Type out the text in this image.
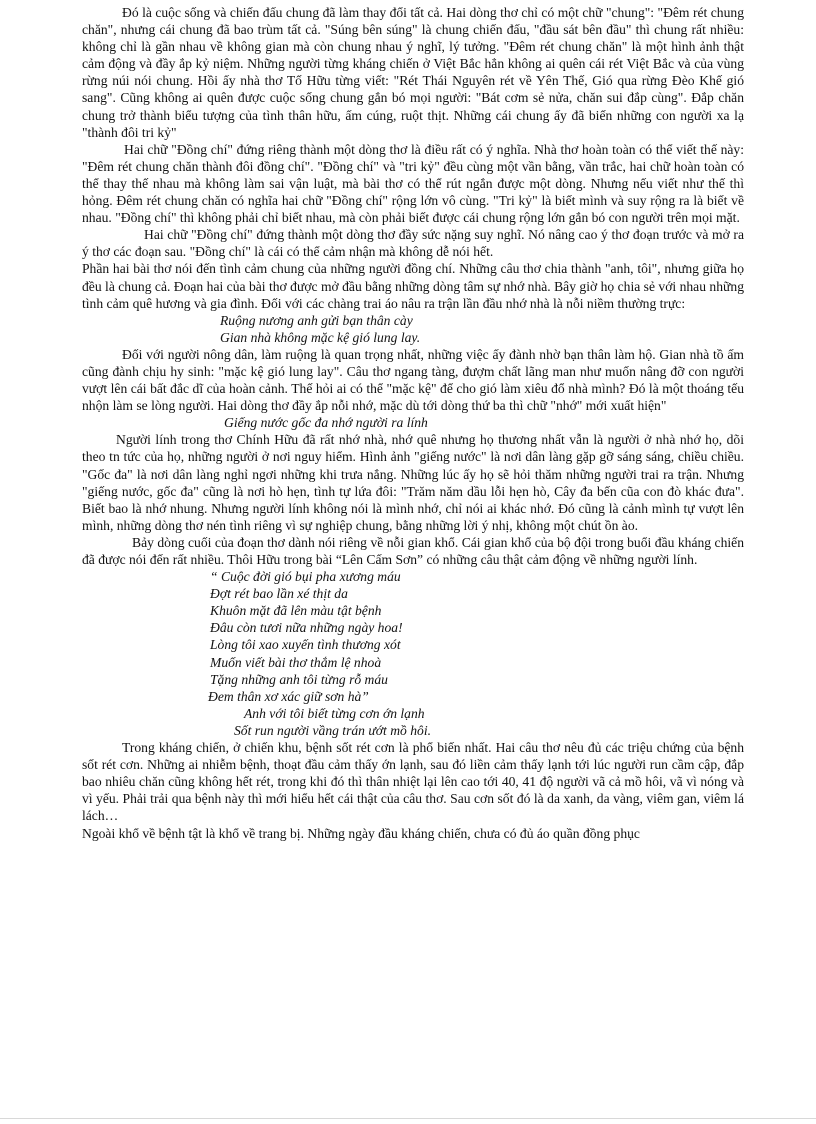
Đó là cuộc sống và chiến đấu chung đã làm thay đổi tất cả. Hai dòng thơ chỉ có một chữ "chung": "Đêm rét chung chăn", nhưng cái chung đã bao trùm tất cả. "Súng bên súng" là chung chiến đấu, "đầu sát bên đầu" thì chung rất nhiều: không chỉ là gần nhau về không gian mà còn chung nhau ý nghĩ, lý tưởng. "Đêm rét chung chăn" là một hình ảnh thật cảm động và đầy ắp kỷ niệm. Những người từng kháng chiến ở Việt Bắc hẳn không ai quên cái rét Việt Bắc và của vùng rừng núi nói chung. Hồi ấy nhà thơ Tố Hữu từng viết: "Rét Thái Nguyên rét về Yên Thế, Gió qua rừng Đèo Khế gió sang". Cũng không ai quên được cuộc sống chung gắn bó mọi người: "Bát cơm sẻ nửa, chăn sui đắp cùng". Đắp chăn chung trở thành biểu tượng của tình thân hữu, ấm cúng, ruột thịt. Những cái chung ấy đã biến những con người xa lạ "thành đôi tri kỷ"

Hai chữ "Đồng chí" đứng riêng thành một dòng thơ là điều rất có ý nghĩa. Nhà thơ hoàn toàn có thể viết thế này: "Đêm rét chung chăn thành đôi đồng chí". "Đồng chí" và "tri kỷ" đều cùng một vần bằng, vần trắc, hai chữ hoàn toàn có thể thay thế nhau mà không làm sai vận luật, mà bài thơ có thể rút ngắn được một dòng. Nhưng nếu viết như thế thì hỏng. Đêm rét chung chăn có nghĩa hai chữ "Đồng chí" rộng lớn vô cùng. "Tri kỷ" là biết mình và suy rộng ra là biết về nhau. "Đồng chí" thì không phải chỉ biết nhau, mà còn phải biết được cái chung rộng lớn gắn bó con người trên mọi mặt.

Hai chữ "Đồng chí" đứng thành một dòng thơ đầy sức nặng suy nghĩ. Nó nâng cao ý thơ đoạn trước và mở ra ý thơ các đoạn sau. "Đồng chí" là cái có thể cảm nhận mà không dễ nói hết.

Phần hai bài thơ nói đến tình cảm chung của những người đồng chí. Những câu thơ chia thành "anh, tôi", nhưng giữa họ đều là chung cả. Đoạn hai của bài thơ được mở đầu bằng những dòng tâm sự nhớ nhà. Bây giờ họ chia sẻ với nhau những tình cảm quê hương và gia đình. Đối với các chàng trai áo nâu ra trận lần đầu nhớ nhà là nỗi niềm thường trực:

Ruộng nương anh gửi bạn thân cày

Gian nhà không mặc kệ gió lung lay.

Đối với người nông dân, làm ruộng là quan trọng nhất, những việc ấy đành nhờ bạn thân làm hộ. Gian nhà tồ ấm cũng đành chịu hy sinh: "mặc kệ gió lung lay". Câu thơ ngang tàng, đượm chất lãng man như muốn nâng đỡ con người vượt lên cái bất đắc dĩ của hoàn cảnh. Thế hỏi ai có thể "mặc kệ" để cho gió làm xiêu đổ nhà mình? Đó là một thoáng tếu nhộn làm se lòng người. Hai dòng thơ đầy ắp nỗi nhớ, mặc dù tới dòng thứ ba thì chữ "nhớ" mới xuất hiện"

Giếng nước gốc đa nhớ người ra lính

Người lính trong thơ Chính Hữu đã rất nhớ nhà, nhớ quê nhưng họ thương nhất vẫn là người ở nhà nhớ họ, dõi theo tn tức của họ, những người ở nơi nguy hiểm. Hình ảnh "giếng nước" là nơi dân làng gặp gỡ sáng sáng, chiều chiều. "Gốc đa" là nơi dân làng nghỉ ngơi những khi trưa nắng. Những lúc ấy họ sẽ hỏi thăm những người trai ra trận. Nhưng "giếng nước, gốc đa" cũng là nơi hò hẹn, tình tự lứa đôi: "Trăm năm dầu lỗi hẹn hò, Cây đa bến cũa con đò khác đưa". Biết bao là nhớ nhung. Nhưng người lính không nói là mình nhớ, chỉ nói ai khác nhớ. Đó cũng là cảnh mình tự vượt lên mình, những dòng thơ nén tình riêng vì sự nghiệp chung, bằng những lời ý nhị, không một chút ồn ào.

Bảy dòng cuối của đoạn thơ dành nói riêng về nỗi gian khổ. Cái gian khổ của bộ đội trong buổi đầu kháng chiến đã được nói đến rất nhiều. Thôi Hữu trong bài “Lên Cấm Sơn” có những câu thật cảm động về những người lính.

“ Cuộc đời gió bụi pha xương máu

Đợt rét bao lần xé thịt da

Khuôn mặt đã lên màu tật bệnh

Đâu còn tươi nữa những ngày hoa!

Lòng tôi xao xuyến tình thương xót

Muốn viết bài thơ thắm lệ nhoà

Tặng những anh tôi từng rỗ máu

Đem thân xơ xác giữ sơn hà”

Anh với tôi biết từng cơn ớn lạnh

Sốt run người vầng trán ướt mồ hôi.

Trong kháng chiến, ở chiến khu, bệnh sốt rét cơn là phổ biến nhất. Hai câu thơ nêu đủ các triệu chứng của bệnh sốt rét cơn. Những ai nhiễm bệnh, thoạt đầu cảm thấy ớn lạnh, sau đó liền cảm thấy lạnh tới lúc người run cầm cập, đắp bao nhiêu chăn cũng không hết rét, trong khi đó thì thân nhiệt lại lên cao tới 40, 41 độ người vã cả mồ hôi, vã vì nóng và vì yếu. Phải trải qua bệnh này thì mới hiểu hết cái thật của câu thơ. Sau cơn sốt đó là da xanh, da vàng, viêm gan, viêm lá lách…

Ngoài khổ về bệnh tật là khổ về trang bị. Những ngày đầu kháng chiến, chưa có đủ áo quần đồng phục
